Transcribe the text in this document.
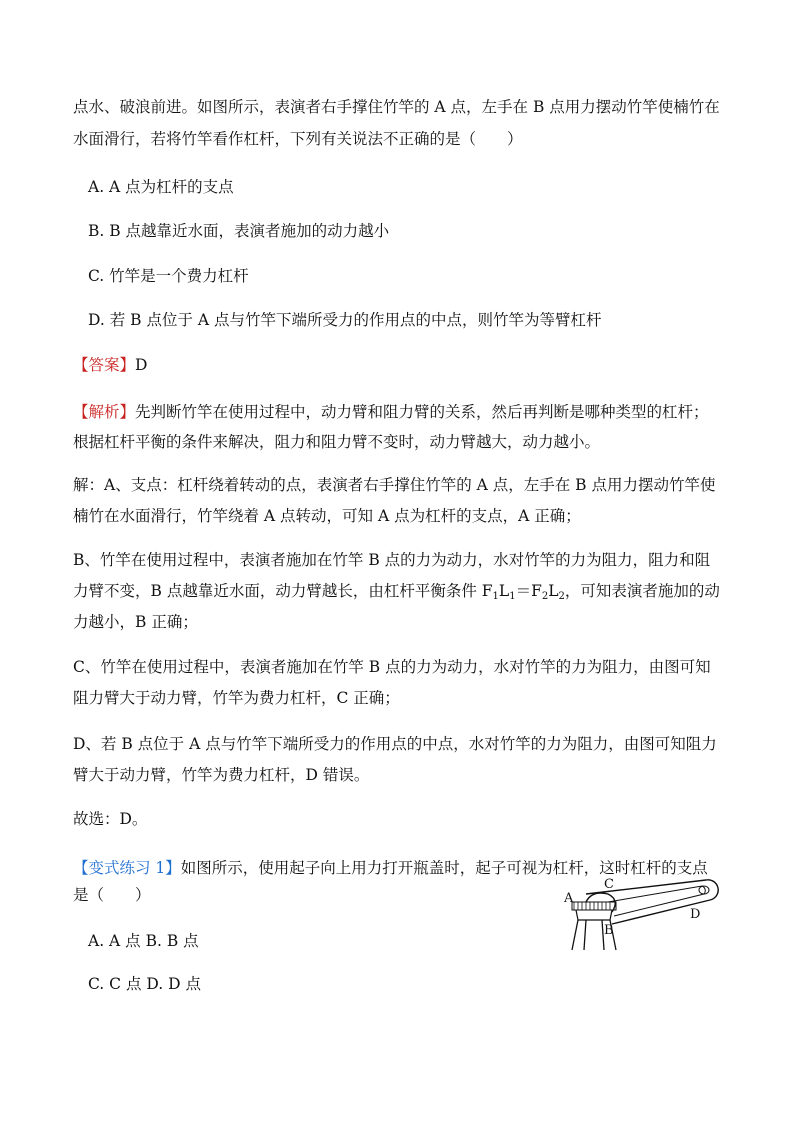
点水、破浪前进。如图所示，表演者右手撑住竹竿的 A 点，左手在 B 点用力摆动竹竿使楠竹在

水面滑行，若将竹竿看作杠杆，下列有关说法不正确的是（　　）

A. A 点为杠杆的支点

B. B 点越靠近水面，表演者施加的动力越小

C. 竹竿是一个费力杠杆

D. 若 B 点位于 A 点与竹竿下端所受力的作用点的中点，则竹竿为等臂杠杆

【答案】D

【解析】先判断竹竿在使用过程中，动力臂和阻力臂的关系，然后再判断是哪种类型的杠杆；

根据杠杆平衡的条件来解决，阻力和阻力臂不变时，动力臂越大，动力越小。

解：A、支点：杠杆绕着转动的点，表演者右手撑住竹竿的 A 点，左手在 B 点用力摆动竹竿使

楠竹在水面滑行，竹竿绕着 A 点转动，可知 A 点为杠杆的支点，A 正确；

B、竹竿在使用过程中，表演者施加在竹竿 B 点的力为动力，水对竹竿的力为阻力，阻力和阻

力臂不变，B 点越靠近水面，动力臂越长，由杠杆平衡条件 $F_1L_1=F_2L_2$，可知表演者施加的动

力越小，B 正确；

C、竹竿在使用过程中，表演者施加在竹竿 B 点的力为动力，水对竹竿的力为阻力，由图可知

阻力臂大于动力臂，竹竿为费力杠杆，C 正确；

D、若 B 点位于 A 点与竹竿下端所受力的作用点的中点，水对竹竿的力为阻力，由图可知阻力

臂大于动力臂，竹竿为费力杠杆，D 错误。

故选：D。

【变式练习 1】如图所示，使用起子向上用力打开瓶盖时，起子可视为杠杆，这时杠杆的支点

是（　　）

A. A 点 B. B 点

C. C 点 D. D 点

A
C
B
D
